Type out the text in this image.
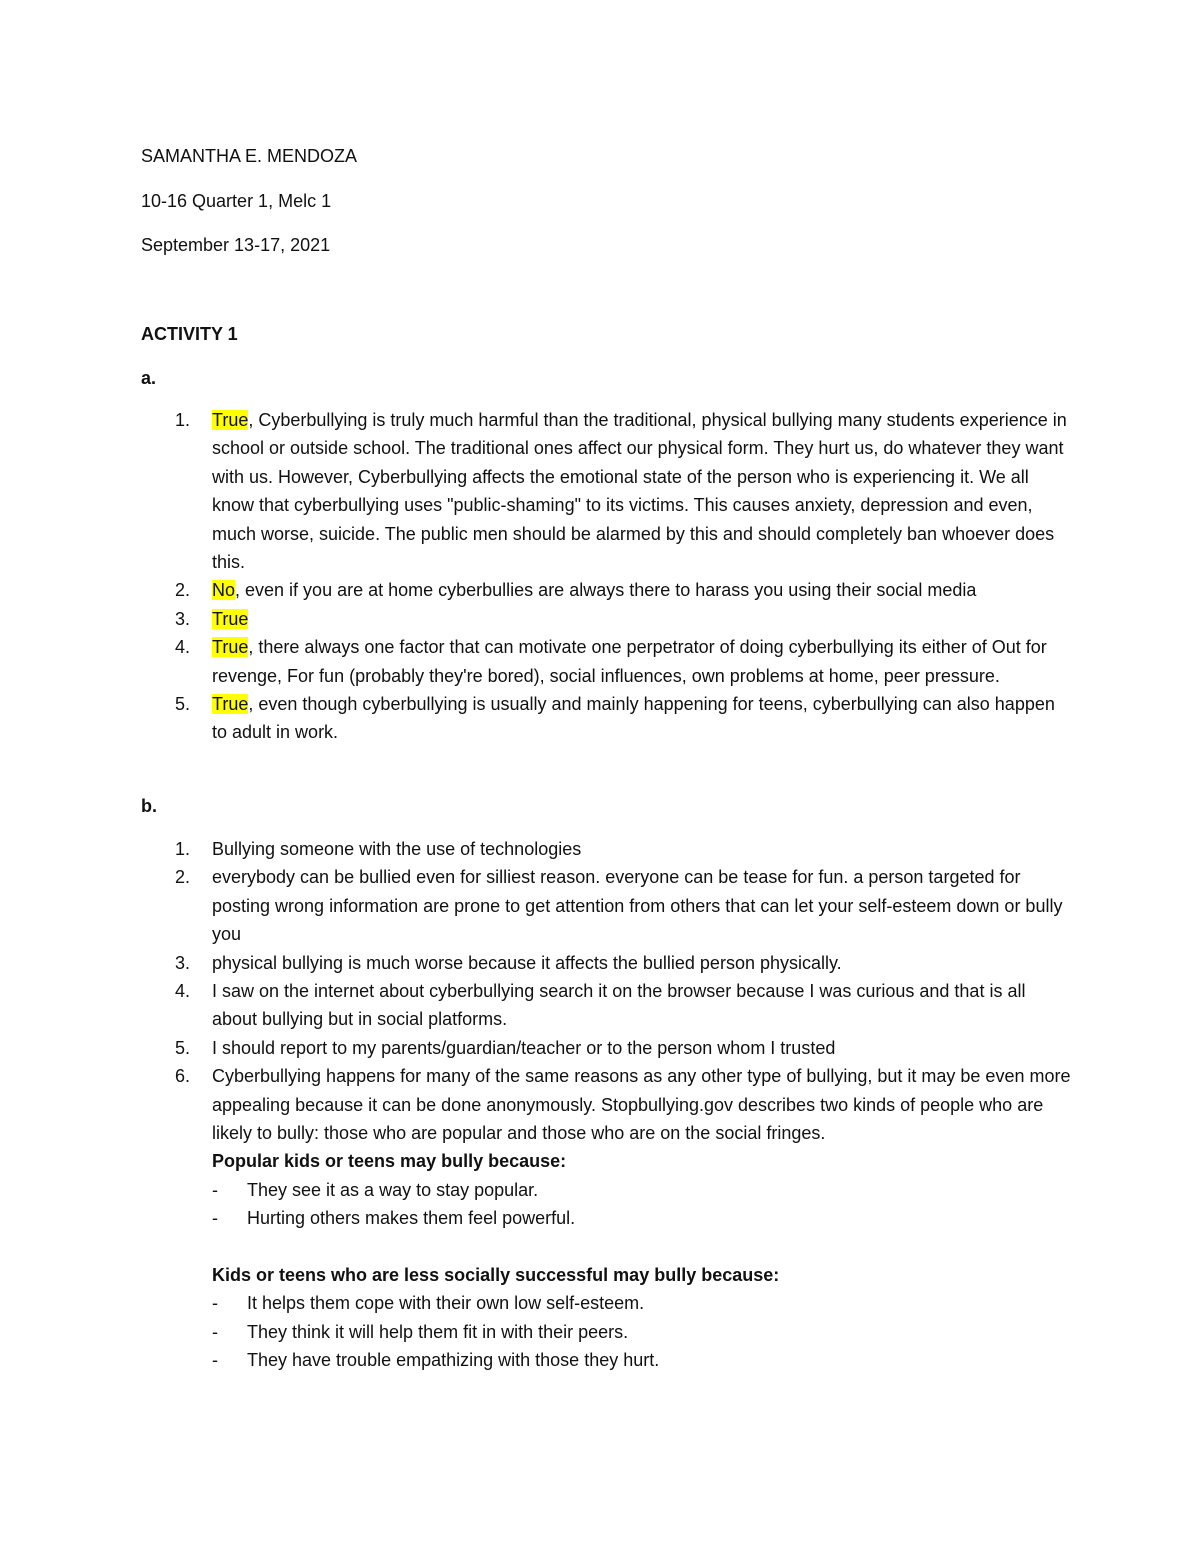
SAMANTHA E. MENDOZA
10-16 Quarter 1, Melc 1
September 13-17, 2021
ACTIVITY 1
a.
1. True, Cyberbullying is truly much harmful than the traditional, physical bullying many students experience in school or outside school. The traditional ones affect our physical form. They hurt us, do whatever they want with us. However, Cyberbullying affects the emotional state of the person who is experiencing it. We all know that cyberbullying uses "public-shaming" to its victims. This causes anxiety, depression and even, much worse, suicide. The public men should be alarmed by this and should completely ban whoever does this.
2. No, even if you are at home cyberbullies are always there to harass you using their social media
3. True
4. True, there always one factor that can motivate one perpetrator of doing cyberbullying its either of Out for revenge, For fun (probably they're bored), social influences, own problems at home, peer pressure.
5. True, even though cyberbullying is usually and mainly happening for teens, cyberbullying can also happen to adult in work.
b.
1. Bullying someone with the use of technologies
2. everybody can be bullied even for silliest reason. everyone can be tease for fun. a person targeted for posting wrong information are prone to get attention from others that can let your self-esteem down or bully you
3. physical bullying is much worse because it affects the bullied person physically.
4. I saw on the internet about cyberbullying search it on the browser because I was curious and that is all about bullying but in social platforms.
5. I should report to my parents/guardian/teacher or to the person whom I trusted
6. Cyberbullying happens for many of the same reasons as any other type of bullying, but it may be even more appealing because it can be done anonymously. Stopbullying.gov describes two kinds of people who are likely to bully: those who are popular and those who are on the social fringes.
Popular kids or teens may bully because:
- They see it as a way to stay popular.
- Hurting others makes them feel powerful.
Kids or teens who are less socially successful may bully because:
- It helps them cope with their own low self-esteem.
- They think it will help them fit in with their peers.
- They have trouble empathizing with those they hurt.
